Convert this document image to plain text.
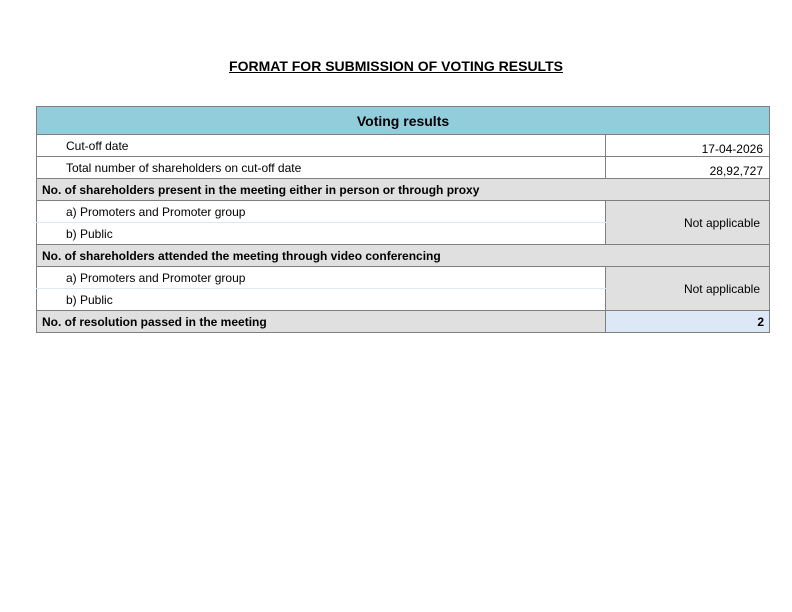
FORMAT FOR SUBMISSION OF VOTING RESULTS
Voting results	
Cut-off date	17-04-2026
Total number of shareholders on cut-off date	28,92,727
No. of shareholders present in the meeting either in person or through proxy	
a) Promoters and Promoter group	Not applicable
b) Public	
No. of shareholders attended the meeting through video conferencing	
a) Promoters and Promoter group	Not applicable
b) Public	
No. of resolution passed in the meeting	2
